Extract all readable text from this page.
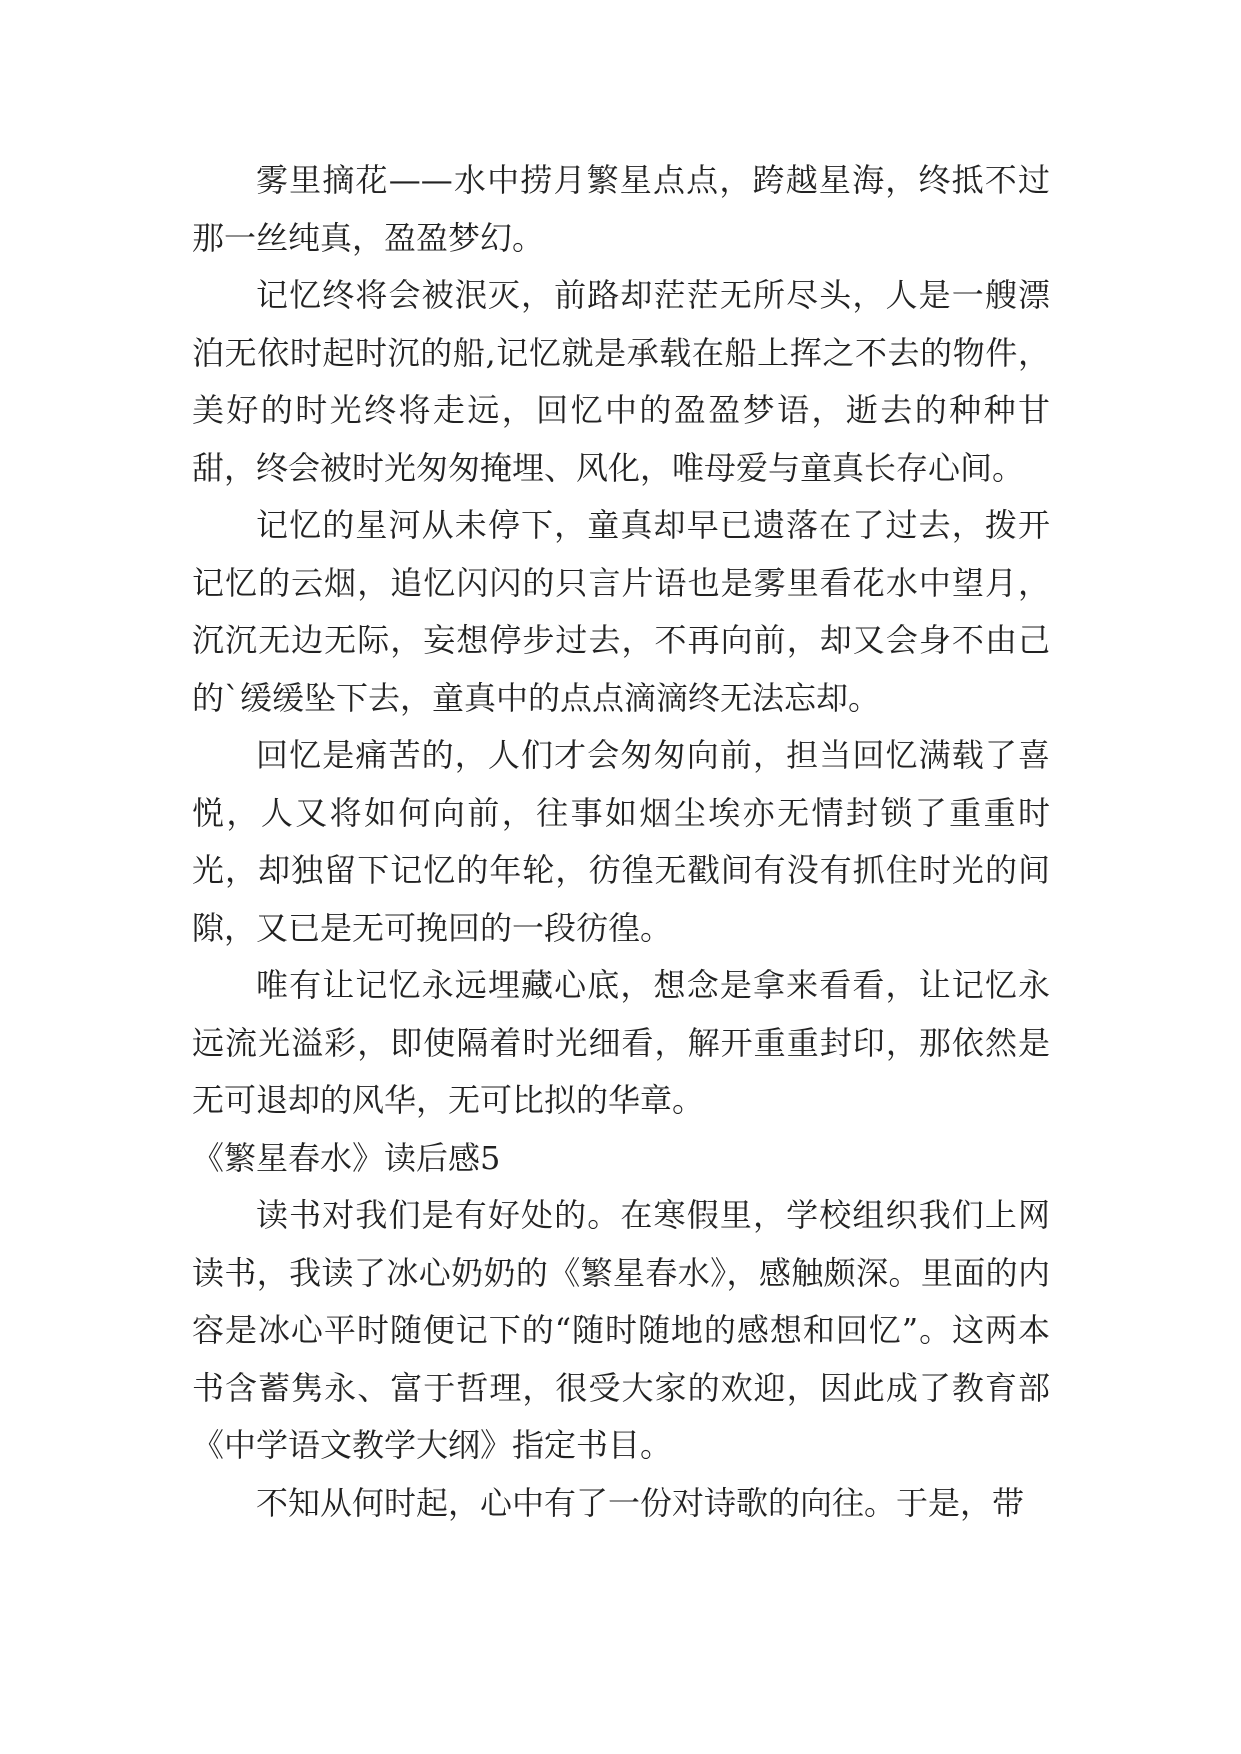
雾里摘花——水中捞月繁星点点，跨越星海，终抵不过那一丝纯真，盈盈梦幻。

记忆终将会被泯灭，前路却茫茫无所尽头，人是一艘漂泊无依时起时沉的船,记忆就是承载在船上挥之不去的物件，美好的时光终将走远，回忆中的盈盈梦语，逝去的种种甘甜，终会被时光匆匆掩埋、风化，唯母爱与童真长存心间。

记忆的星河从未停下，童真却早已遗落在了过去，拨开记忆的云烟，追忆闪闪的只言片语也是雾里看花水中望月，沉沉无边无际，妄想停步过去，不再向前，却又会身不由己的`缓缓坠下去，童真中的点点滴滴终无法忘却。

回忆是痛苦的，人们才会匆匆向前，担当回忆满载了喜悦，人又将如何向前，往事如烟尘埃亦无情封锁了重重时光，却独留下记忆的年轮，彷徨无戳间有没有抓住时光的间隙，又已是无可挽回的一段彷徨。

唯有让记忆永远埋藏心底，想念是拿来看看，让记忆永远流光溢彩，即使隔着时光细看，解开重重封印，那依然是无可退却的风华，无可比拟的华章。

《繁星春水》读后感5

读书对我们是有好处的。在寒假里，学校组织我们上网读书，我读了冰心奶奶的《繁星春水》，感触颇深。里面的内容是冰心平时随便记下的“随时随地的感想和回忆”。这两本书含蓄隽永、富于哲理，很受大家的欢迎，因此成了教育部《中学语文教学大纲》指定书目。

不知从何时起，心中有了一份对诗歌的向往。于是，带
